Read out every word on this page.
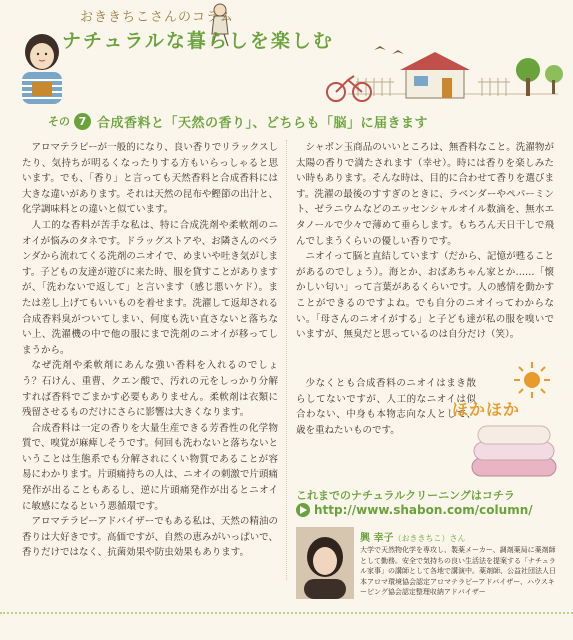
おききちこさんのコラム
ナチュラルな暮らしを楽しむ
その 7 合成香料と「天然の香り」、どちらも「脳」に届きます

アロマテラピーが一般的になり、良い香りでリラックスしたり、気持ちが明るくなったりする方もいらっしゃると思います。でも、「香り」と言っても天然香料と合成香料には大きな違いがあります。それは天然の昆布や鰹節の出汁と、化学調味料との違いと似ています。

人工的な香料が苦手な私は、特に合成洗剤や柔軟剤のニオイが悩みのタネです。ドラッグストアや、お隣さんのベランダから流れてくる洗剤のニオイで、めまいや吐き気がします。子どもの友達が遊びに来た時、服を貸すことがありますが、「洗わないで返して」と言います（感じ悪いケド）。または差し上げてもいいものを着せます。洗濯して返却される合成香料臭がついてしまい、何度も洗い直さないと落ちない上、洗濯機の中で他の服にまで洗剤のニオイが移ってしまうから。

なぜ洗剤や柔軟剤にあんな強い香料を入れるのでしょう？石けん、重曹、クエン酸で、汚れの元をしっかり分解すれば香料でごまかす必要もありません。柔軟剤は衣類に残留させるものだけにさらに影響は大きくなります。

合成香料は一定の香りを大量生産できる芳香性の化学物質で、嗅覚が麻痺しそうです。何回も洗わないと落ちないということは生態系でも分解されにくい物質であることが容易にわかります。片頭痛持ちの人は、ニオイの刺激で片頭痛発作が出ることもあるし、逆に片頭痛発作が出るとニオイに敏感になるという悪循環です。

アロマテラピーアドバイザーでもある私は、天然の精油の香りは大好きです。高価ですが、自然の恵みがいっぱいで、香りだけではなく、抗菌効果や防虫効果もあります。

シャボン玉商品のいいところは、無香料なこと。洗濯物が太陽の香りで満たされます（幸せ）。時には香りを楽しみたい時もあります。そんな時は、目的に合わせて香りを選びます。洗濯の最後のすすぎのときに、ラベンダーやペパーミント、ゼラニウムなどのエッセンシャルオイル数滴を、無水エタノールで少々で薄めて垂らします。もちろん天日干しで飛んでしまうくらいの優しい香りです。

ニオイって脳と直結しています（だから、記憶が甦ることがあるのでしょう）。海とか、おばあちゃん家とか……「懐かしい匂い」って言葉があるくらいです。人の感情を動かすことができるのですよね。でも自分のニオイってわからない。「母さんのニオイがする」と子ども達が私の服を嗅いでいますが、無臭だと思っているのは自分だけ（笑）。

少なくとも合成香料のニオイはまき散らしてないですが、人工的なニオイは似合わない、中身も本物志向な人として、歳を重ねたいものです。

ほかほか
これまでのナチュラルクリーニングはコチラ
http://www.shabon.com/column/
興 幸子（おききちこ）さん
大学で天然物化学を専攻し、製薬メーカー、調剤薬局に薬剤師として勤務。安全で気持ちの良い生活法を提案する「ナチュラル家事」の講師として各地で講演中。薬剤師、公益社団法人日本アロマ環境協会認定アロマテラピーアドバイザー、ハウスキーピング協会認定整理収納アドバイザー
